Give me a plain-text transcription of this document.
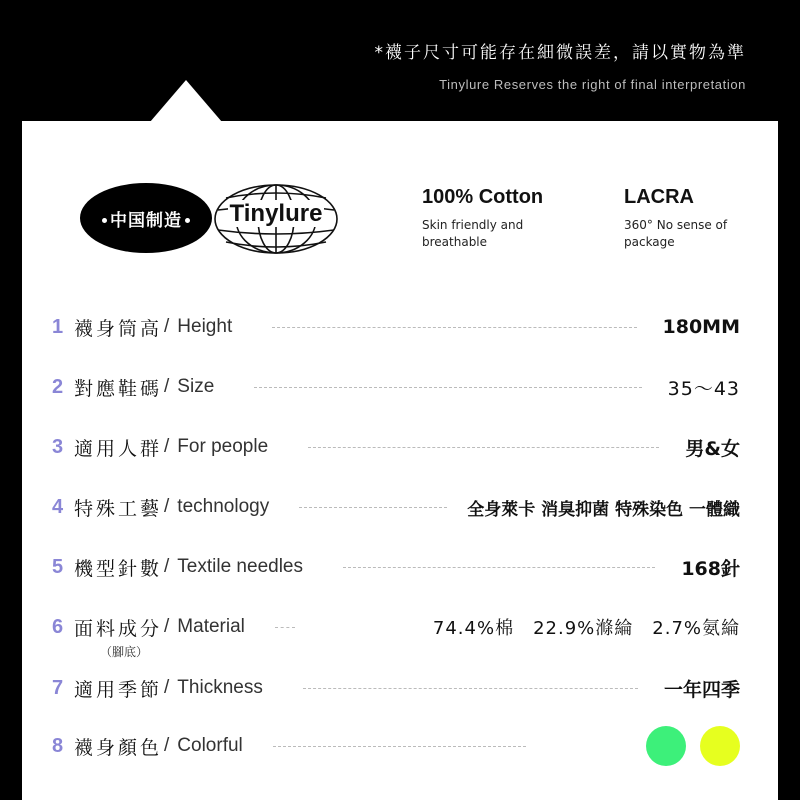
*襪子尺寸可能存在細微誤差，請以實物為準
Tinylure Reserves the right of final interpretation
中国制造	Tinylure
100% Cotton
Skin friendly and breathable
LACRA
360° No sense of package
1 襪身筒高 / Height	180MM
2 對應鞋碼 / Size	35～43
3 適用人群 / For people	男&女
4 特殊工藝 / technology	全身萊卡 消臭抑菌 特殊染色 一體織
5 機型針數 / Textile needles	168針
6 面料成分 / Material	74.4%棉　22.9%滌綸　2.7%氨綸
（腳底）
7 適用季節 / Thickness	一年四季
8 襪身顏色 / Colorful
